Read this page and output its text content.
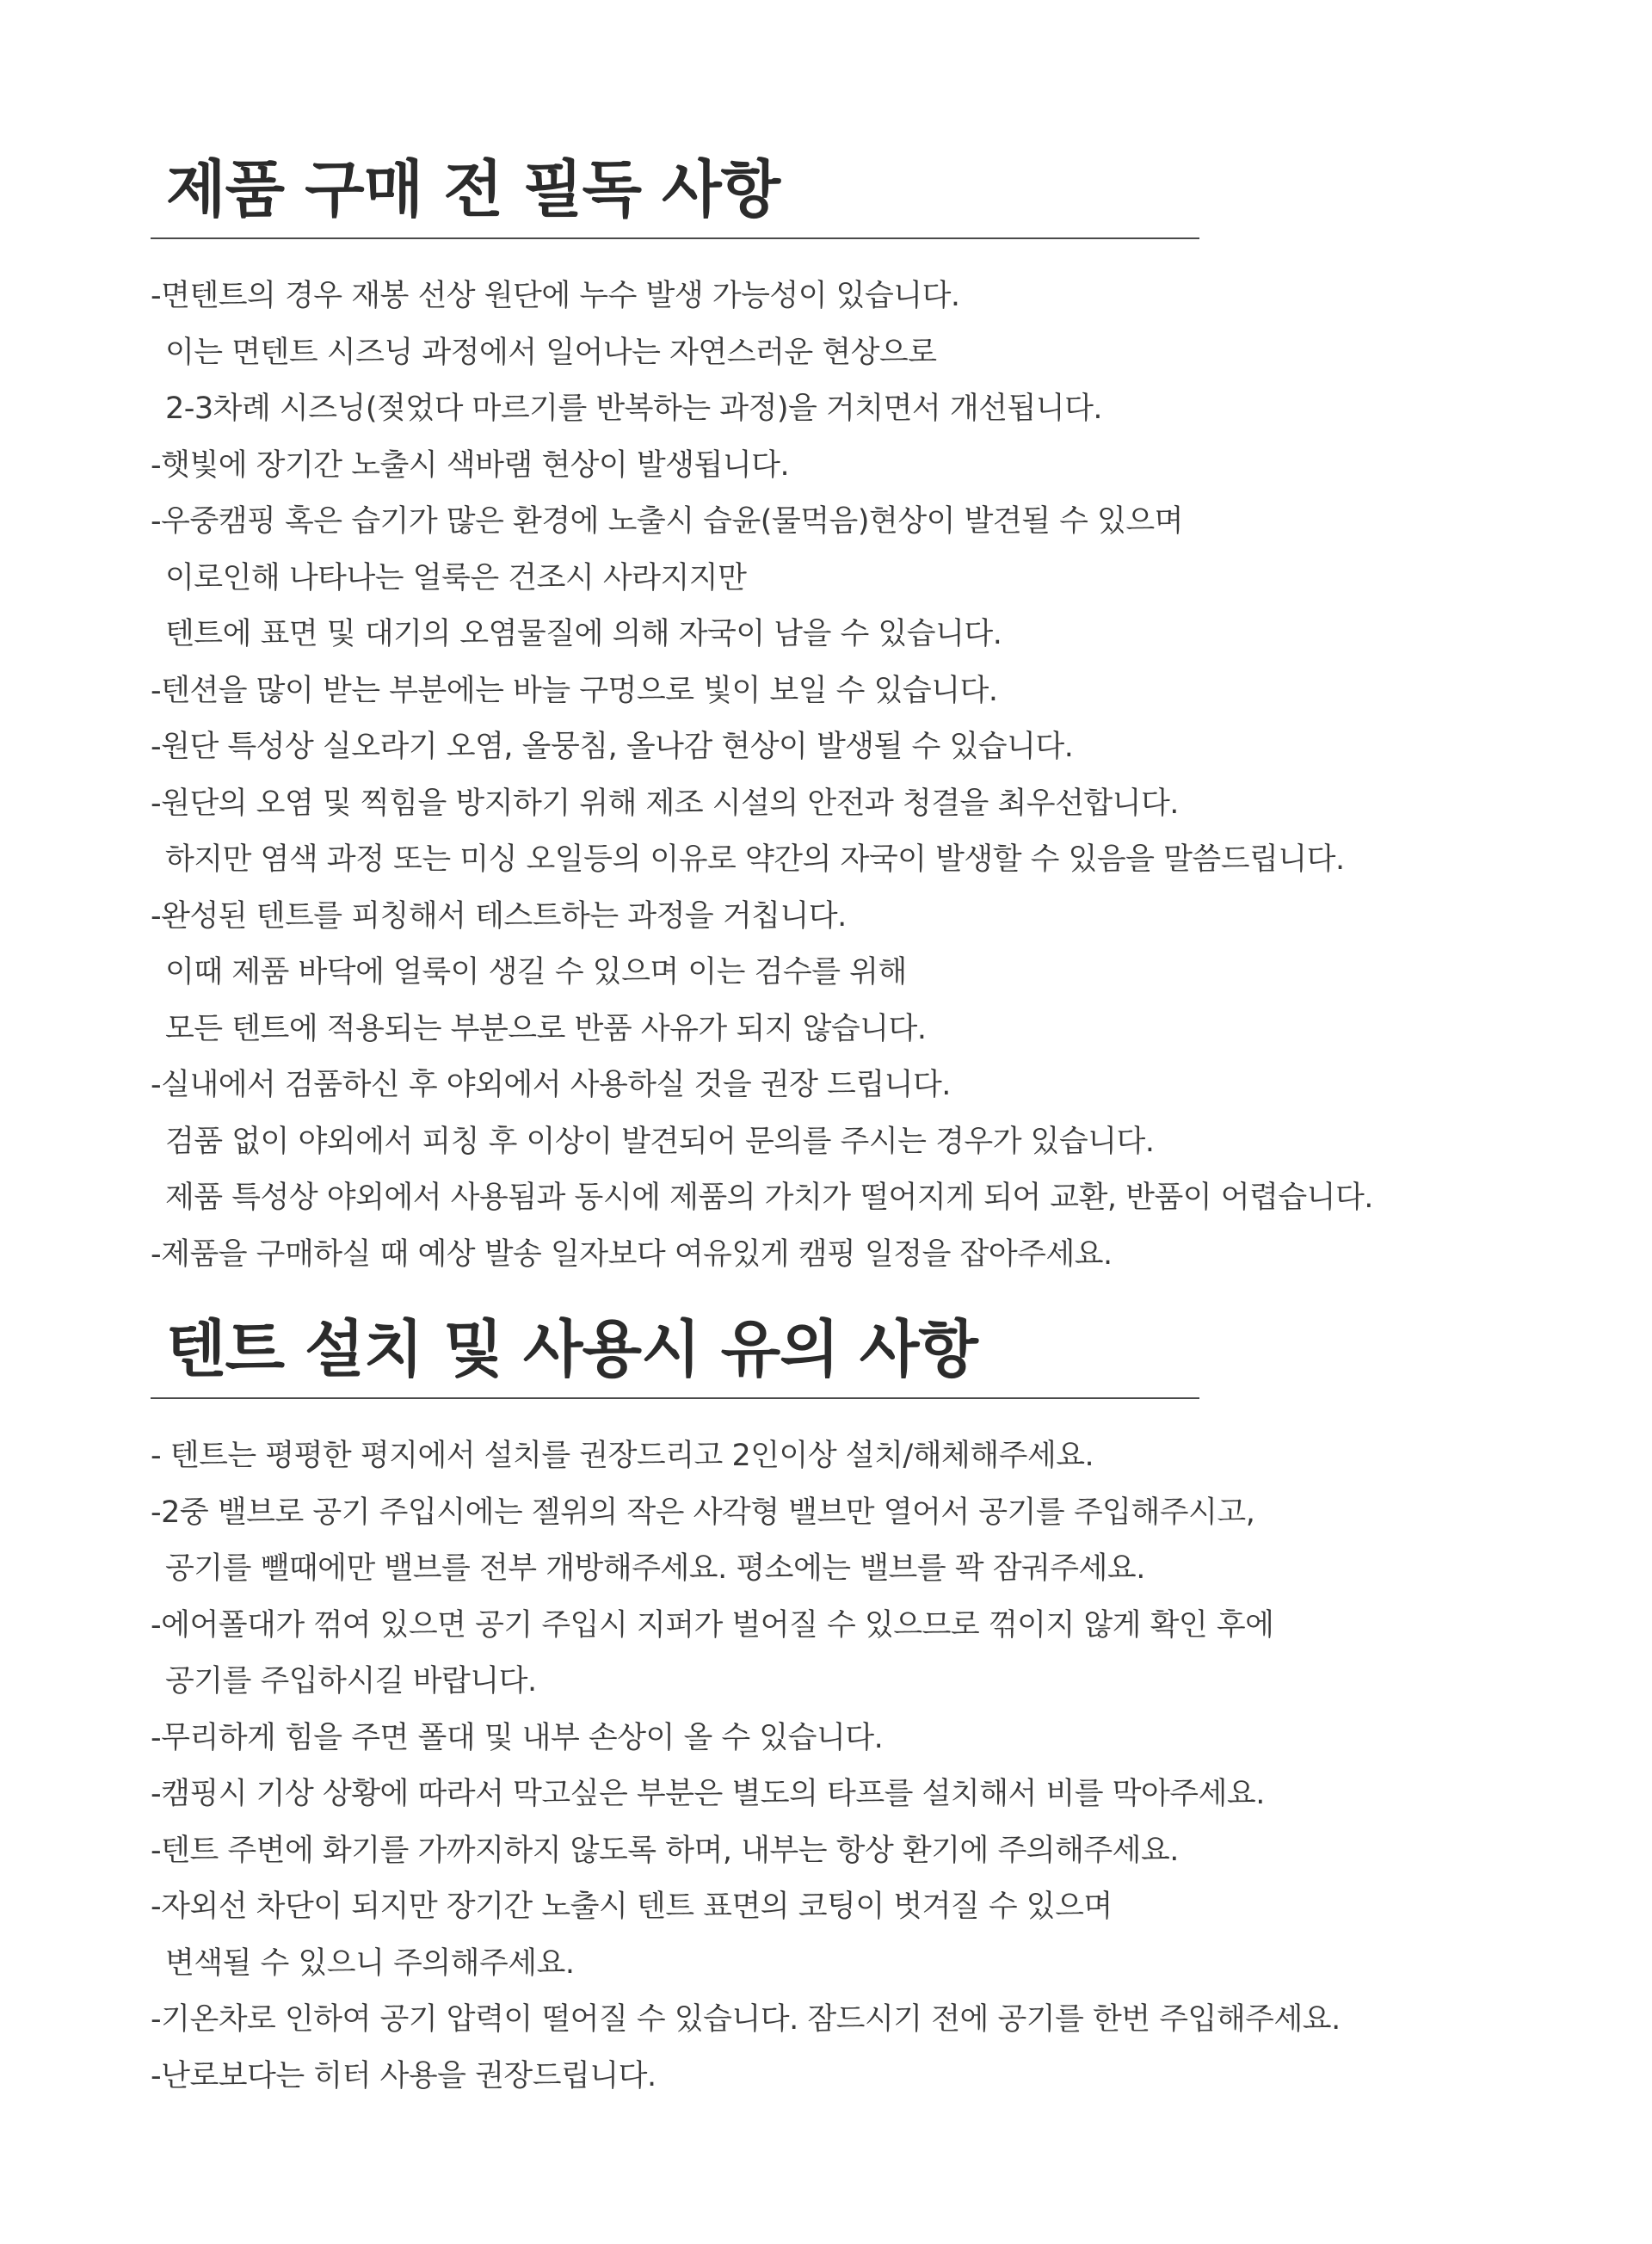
제품 구매 전 필독 사항
-면텐트의 경우 재봉 선상 원단에 누수 발생 가능성이 있습니다.
이는 면텐트 시즈닝 과정에서 일어나는 자연스러운 현상으로
2-3차례 시즈닝(젖었다 마르기를 반복하는 과정)을 거치면서 개선됩니다.
-햇빛에 장기간 노출시 색바램 현상이 발생됩니다.
-우중캠핑 혹은 습기가 많은 환경에 노출시 습윤(물먹음)현상이 발견될 수 있으며
이로인해 나타나는 얼룩은 건조시 사라지지만
텐트에 표면 및 대기의 오염물질에 의해 자국이 남을 수 있습니다.
-텐션을 많이 받는 부분에는 바늘 구멍으로 빛이 보일 수 있습니다.
-원단 특성상 실오라기 오염, 올뭉침, 올나감 현상이 발생될 수 있습니다.
-원단의 오염 및 찍힘을 방지하기 위해 제조 시설의 안전과 청결을 최우선합니다.
하지만 염색 과정 또는 미싱 오일등의 이유로 약간의 자국이 발생할 수 있음을 말씀드립니다.
-완성된 텐트를 피칭해서 테스트하는 과정을 거칩니다.
이때 제품 바닥에 얼룩이 생길 수 있으며 이는 검수를 위해
모든 텐트에 적용되는 부분으로 반품 사유가 되지 않습니다.
-실내에서 검품하신 후 야외에서 사용하실 것을 권장 드립니다.
검품 없이 야외에서 피칭 후 이상이 발견되어 문의를 주시는 경우가 있습니다.
제품 특성상 야외에서 사용됨과 동시에 제품의 가치가 떨어지게 되어 교환, 반품이 어렵습니다.
-제품을 구매하실 때 예상 발송 일자보다 여유있게 캠핑 일정을 잡아주세요.
텐트 설치 및 사용시 유의 사항
- 텐트는 평평한 평지에서 설치를 권장드리고 2인이상 설치/해체해주세요.
-2중 밸브로 공기 주입시에는 젤위의 작은 사각형 밸브만 열어서 공기를 주입해주시고,
공기를 뺄때에만 밸브를 전부 개방해주세요. 평소에는 밸브를 꽉 잠궈주세요.
-에어폴대가 꺾여 있으면 공기 주입시 지퍼가 벌어질 수 있으므로 꺾이지 않게 확인 후에
공기를 주입하시길 바랍니다.
-무리하게 힘을 주면 폴대 및 내부 손상이 올 수 있습니다.
-캠핑시 기상 상황에 따라서 막고싶은 부분은 별도의 타프를 설치해서 비를 막아주세요.
-텐트 주변에 화기를 가까지하지 않도록 하며, 내부는 항상 환기에 주의해주세요.
-자외선 차단이 되지만 장기간 노출시 텐트 표면의 코팅이 벗겨질 수 있으며
변색될 수 있으니 주의해주세요.
-기온차로 인하여 공기 압력이 떨어질 수 있습니다. 잠드시기 전에 공기를 한번 주입해주세요.
-난로보다는 히터 사용을 권장드립니다.
